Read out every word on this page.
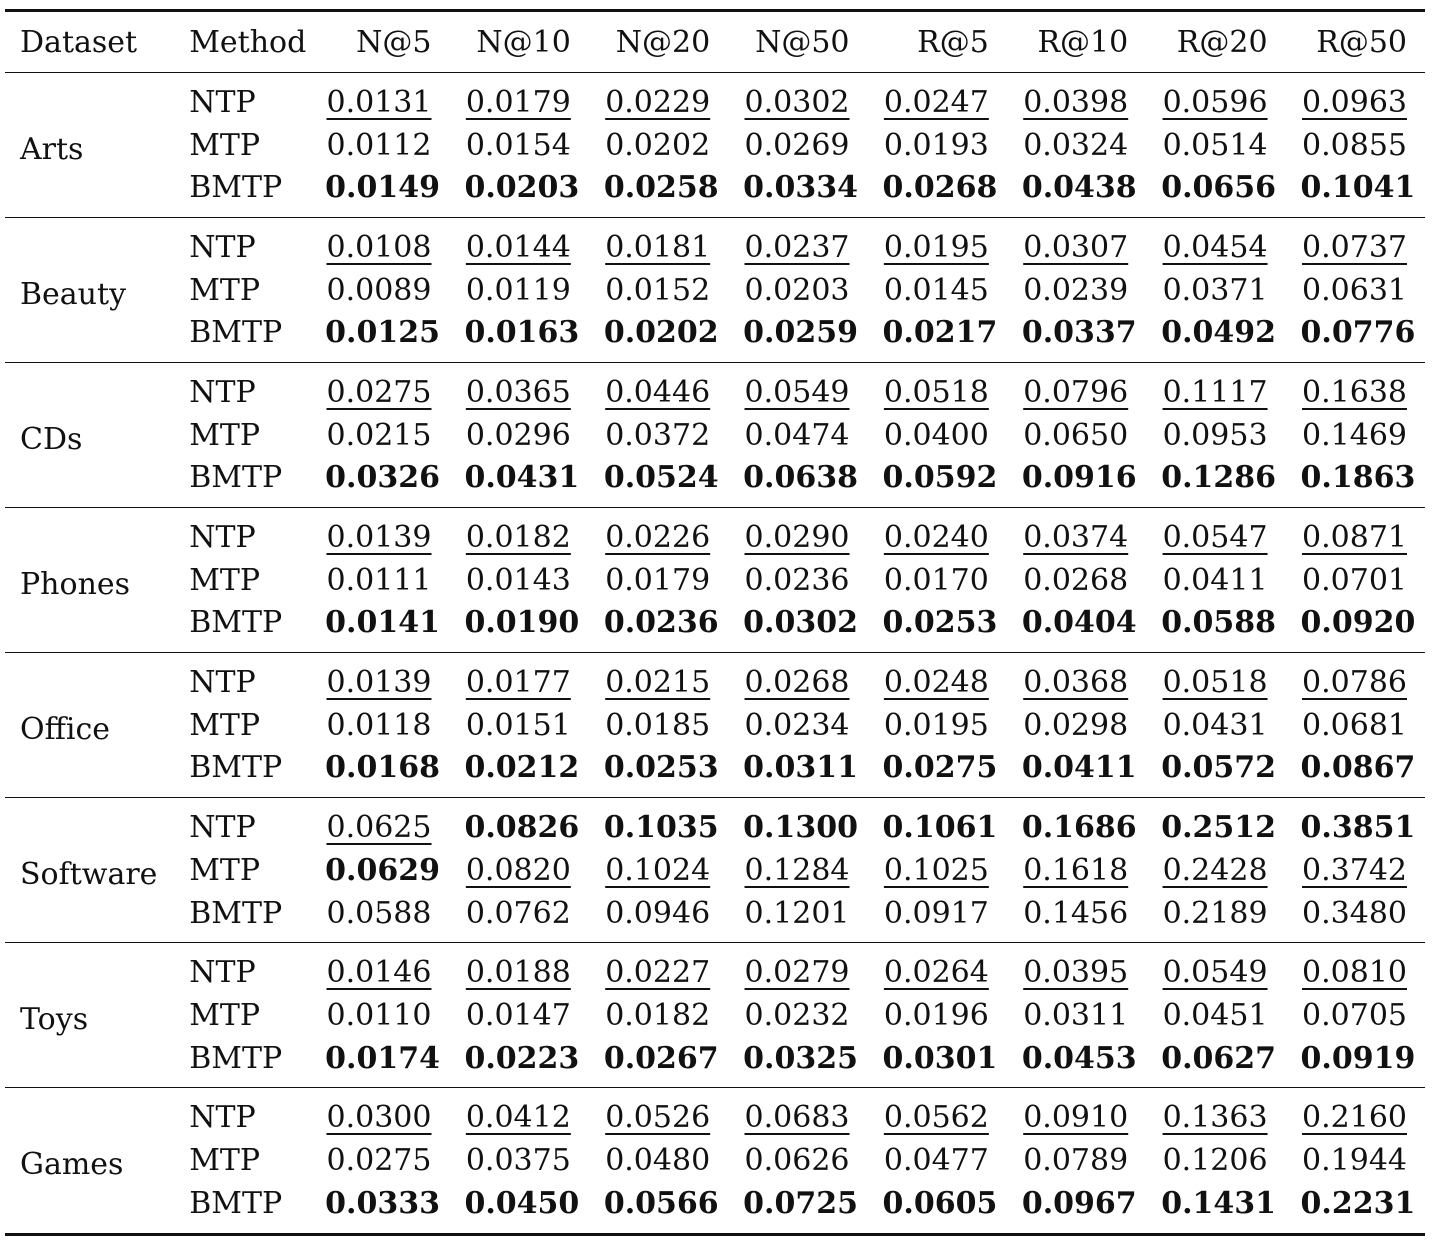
Dataset	Method	N@5	N@10	N@20	N@50	R@5	R@10	R@20	R@50
Arts	NTP	0.0131	0.0179	0.0229	0.0302	0.0247	0.0398	0.0596	0.0963
	MTP	0.0112	0.0154	0.0202	0.0269	0.0193	0.0324	0.0514	0.0855
	BMTP	0.0149	0.0203	0.0258	0.0334	0.0268	0.0438	0.0656	0.1041
Beauty	NTP	0.0108	0.0144	0.0181	0.0237	0.0195	0.0307	0.0454	0.0737
	MTP	0.0089	0.0119	0.0152	0.0203	0.0145	0.0239	0.0371	0.0631
	BMTP	0.0125	0.0163	0.0202	0.0259	0.0217	0.0337	0.0492	0.0776
CDs	NTP	0.0275	0.0365	0.0446	0.0549	0.0518	0.0796	0.1117	0.1638
	MTP	0.0215	0.0296	0.0372	0.0474	0.0400	0.0650	0.0953	0.1469
	BMTP	0.0326	0.0431	0.0524	0.0638	0.0592	0.0916	0.1286	0.1863
Phones	NTP	0.0139	0.0182	0.0226	0.0290	0.0240	0.0374	0.0547	0.0871
	MTP	0.0111	0.0143	0.0179	0.0236	0.0170	0.0268	0.0411	0.0701
	BMTP	0.0141	0.0190	0.0236	0.0302	0.0253	0.0404	0.0588	0.0920
Office	NTP	0.0139	0.0177	0.0215	0.0268	0.0248	0.0368	0.0518	0.0786
	MTP	0.0118	0.0151	0.0185	0.0234	0.0195	0.0298	0.0431	0.0681
	BMTP	0.0168	0.0212	0.0253	0.0311	0.0275	0.0411	0.0572	0.0867
Software	NTP	0.0625	0.0826	0.1035	0.1300	0.1061	0.1686	0.2512	0.3851
	MTP	0.0629	0.0820	0.1024	0.1284	0.1025	0.1618	0.2428	0.3742
	BMTP	0.0588	0.0762	0.0946	0.1201	0.0917	0.1456	0.2189	0.3480
Toys	NTP	0.0146	0.0188	0.0227	0.0279	0.0264	0.0395	0.0549	0.0810
	MTP	0.0110	0.0147	0.0182	0.0232	0.0196	0.0311	0.0451	0.0705
	BMTP	0.0174	0.0223	0.0267	0.0325	0.0301	0.0453	0.0627	0.0919
Games	NTP	0.0300	0.0412	0.0526	0.0683	0.0562	0.0910	0.1363	0.2160
	MTP	0.0275	0.0375	0.0480	0.0626	0.0477	0.0789	0.1206	0.1944
	BMTP	0.0333	0.0450	0.0566	0.0725	0.0605	0.0967	0.1431	0.2231
